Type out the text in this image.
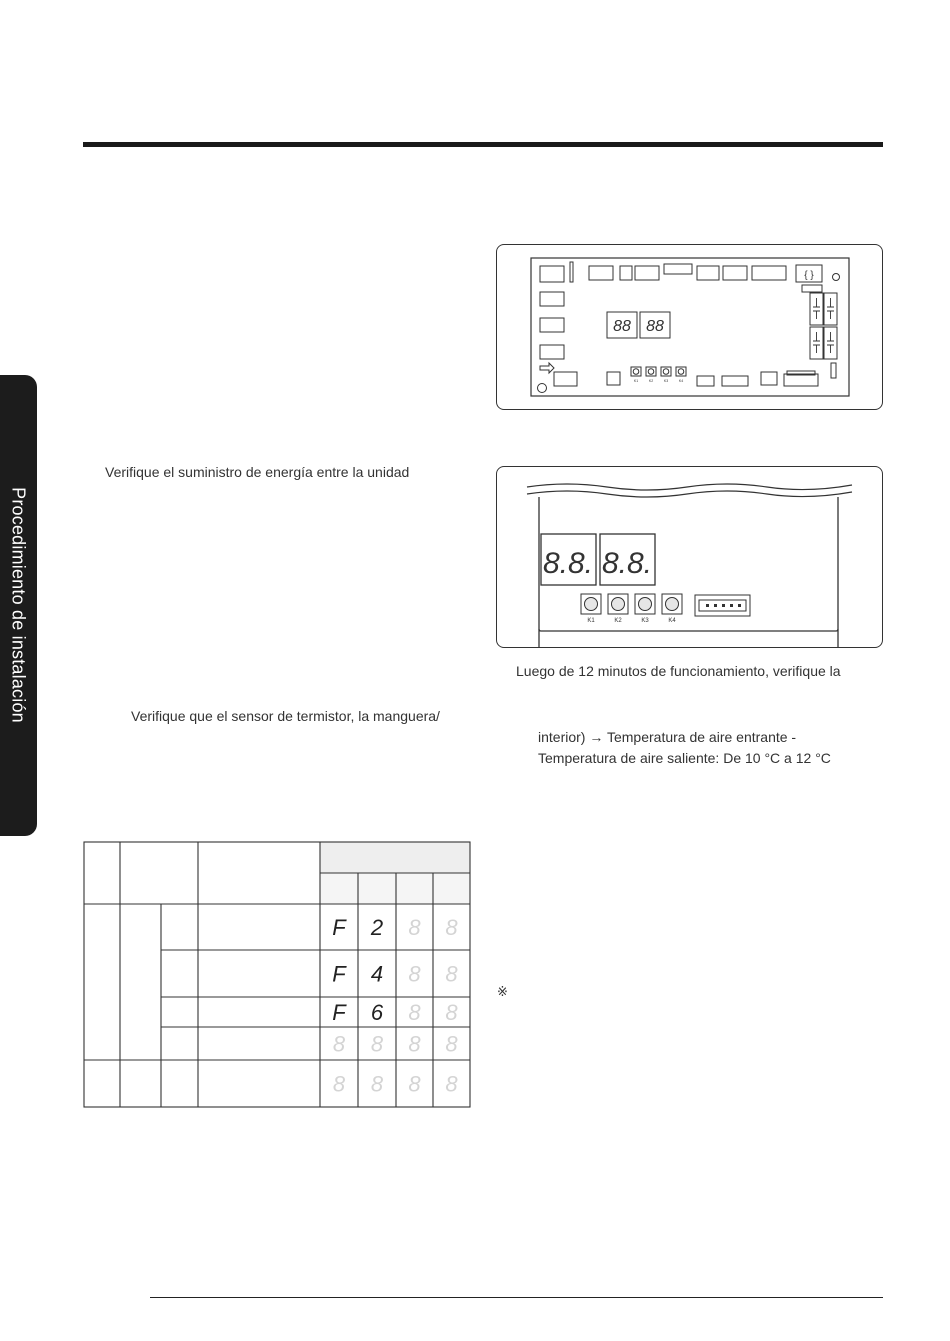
Procedimiento de instalación
Verifique el suministro de energía entre la unidad
Verifique que el sensor de termistor, la manguera/
Luego de 12 minutos de funcionamiento, verifique la
interior) → Temperatura de aire entrante -
Temperatura de aire saliente: De 10 °C a 12 °C
※
{ }
88 88
K1	K2	K3	K4
8.8. 8.8.
K1	K2	K3	K4
F 2 8 8
F 4 8 8
F 6 8 8
8 8 8 8
8 8 8 8
